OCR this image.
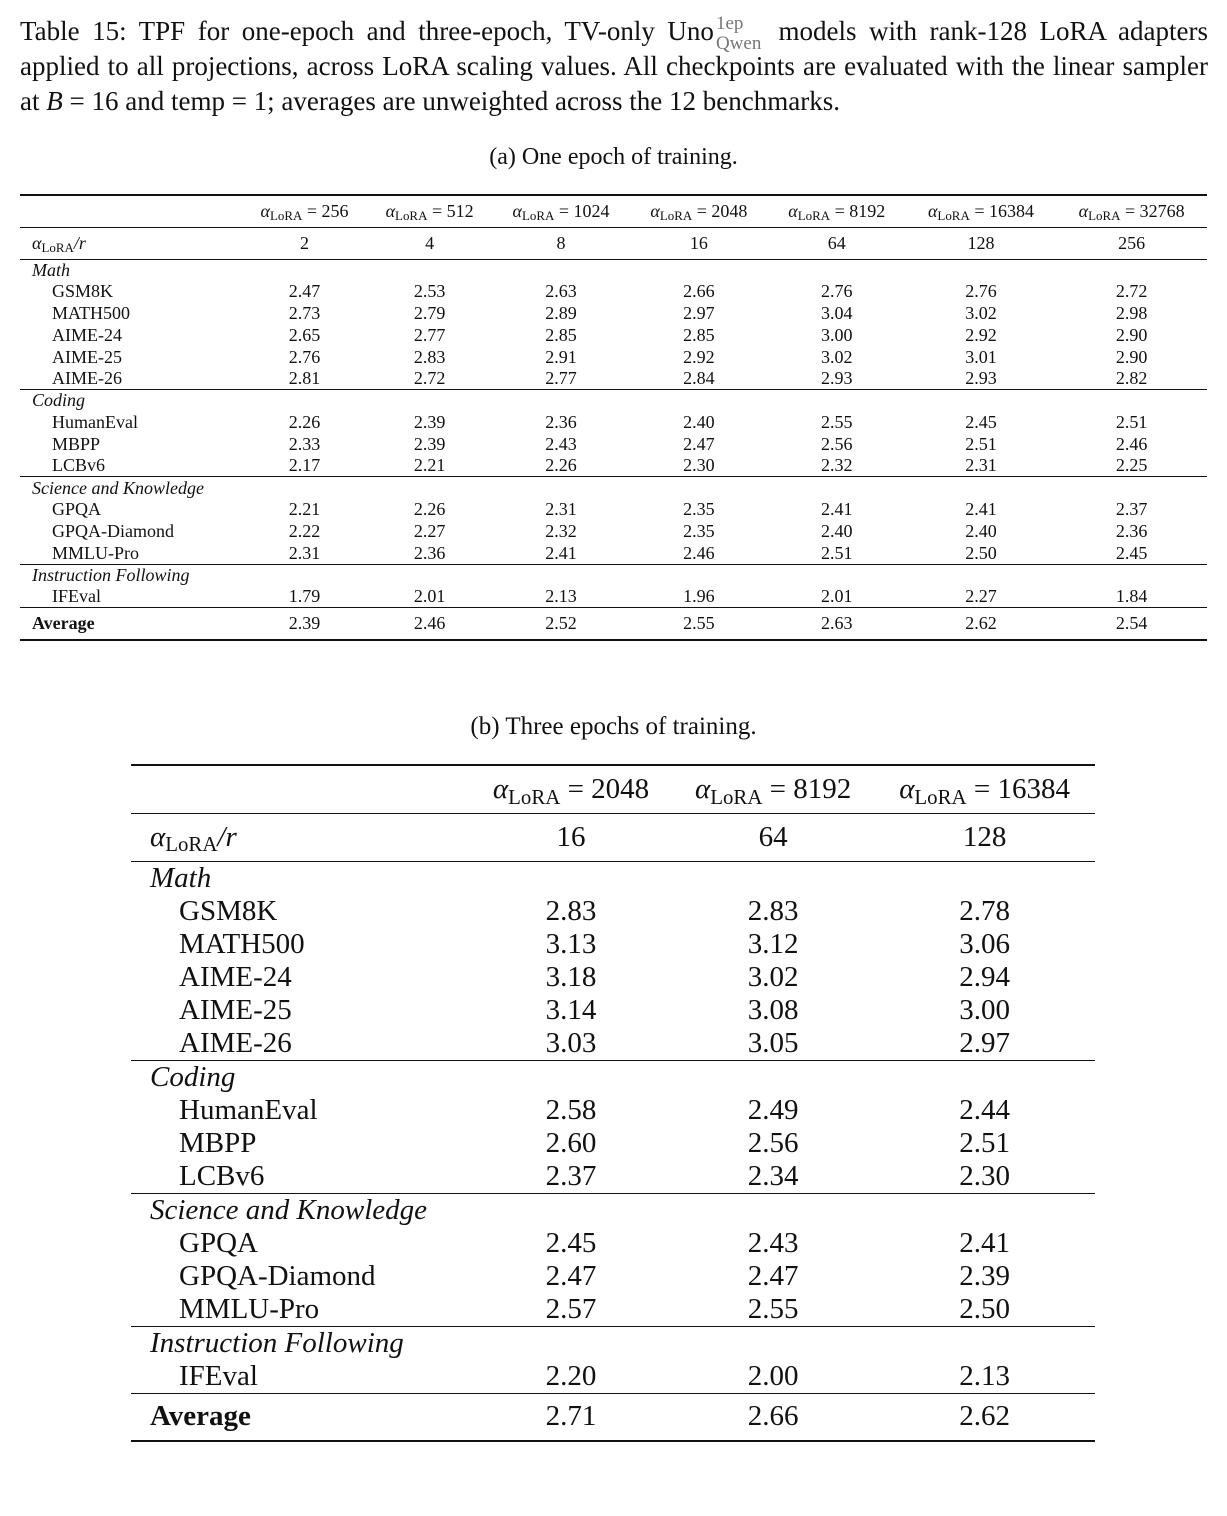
Table 15: TPF for one-epoch and three-epoch, TV-only Uno 1ep
Qwen models with rank-128 LoRA adapters applied to all projections, across LoRA scaling values. All checkpoints are evaluated with the linear sampler at B = 16 and temp = 1; averages are unweighted across the 12 benchmarks.
(a) One epoch of training.
	$\alpha_{LoRA} = 256$	$\alpha_{LoRA} = 512$	$\alpha_{LoRA} = 1024$	$\alpha_{LoRA} = 2048$	$\alpha_{LoRA} = 8192$	$\alpha_{LoRA} = 16384$	$\alpha_{LoRA} = 32768$
$\alpha_{LoRA}/r$	2	4	8	16	64	128	256
Math							
GSM8K	2.47	2.53	2.63	2.66	2.76	2.76	2.72
MATH500	2.73	2.79	2.89	2.97	3.04	3.02	2.98
AIME-24	2.65	2.77	2.85	2.85	3.00	2.92	2.90
AIME-25	2.76	2.83	2.91	2.92	3.02	3.01	2.90
AIME-26	2.81	2.72	2.77	2.84	2.93	2.93	2.82
Coding							
HumanEval	2.26	2.39	2.36	2.40	2.55	2.45	2.51
MBPP	2.33	2.39	2.43	2.47	2.56	2.51	2.46
LCBv6	2.17	2.21	2.26	2.30	2.32	2.31	2.25
Science and Knowledge							
GPQA	2.21	2.26	2.31	2.35	2.41	2.41	2.37
GPQA-Diamond	2.22	2.27	2.32	2.35	2.40	2.40	2.36
MMLU-Pro	2.31	2.36	2.41	2.46	2.51	2.50	2.45
Instruction Following							
IFEval	1.79	2.01	2.13	1.96	2.01	2.27	1.84
Average	2.39	2.46	2.52	2.55	2.63	2.62	2.54
(b) Three epochs of training.
	$\alpha_{LoRA} = 2048$	$\alpha_{LoRA} = 8192$	$\alpha_{LoRA} = 16384$
$\alpha_{LoRA}/r$	16	64	128
Math			
GSM8K	2.83	2.83	2.78
MATH500	3.13	3.12	3.06
AIME-24	3.18	3.02	2.94
AIME-25	3.14	3.08	3.00
AIME-26	3.03	3.05	2.97
Coding			
HumanEval	2.58	2.49	2.44
MBPP	2.60	2.56	2.51
LCBv6	2.37	2.34	2.30
Science and Knowledge			
GPQA	2.45	2.43	2.41
GPQA-Diamond	2.47	2.47	2.39
MMLU-Pro	2.57	2.55	2.50
Instruction Following			
IFEval	2.20	2.00	2.13
Average	2.71	2.66	2.62
